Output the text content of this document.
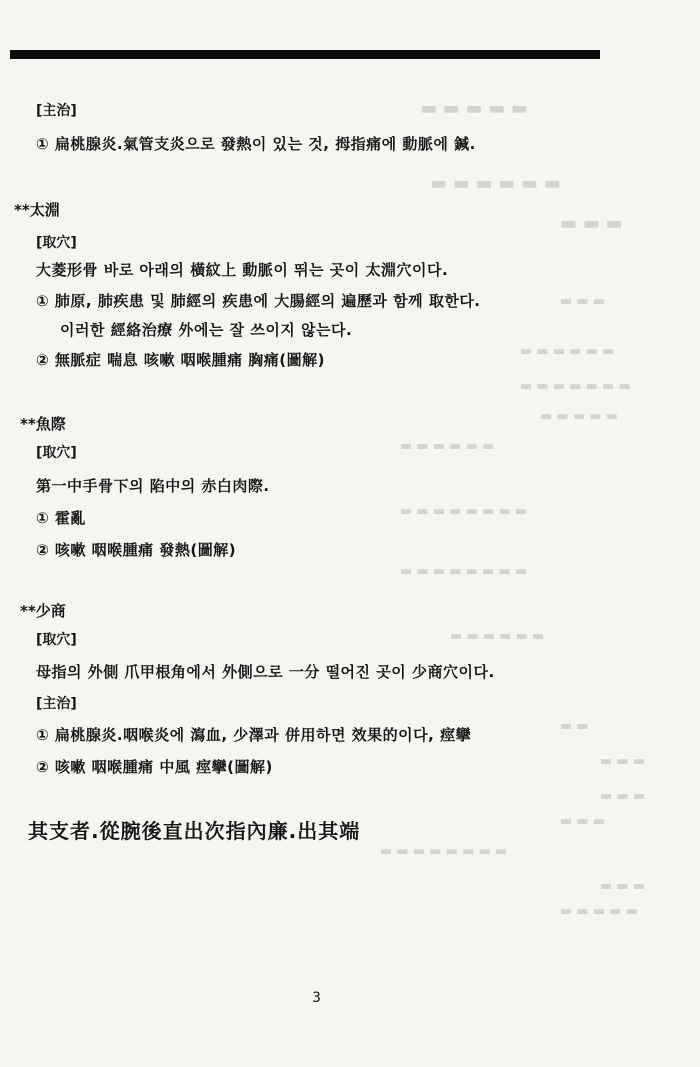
▬ ▬ ▬ ▬ ▬
▬ ▬ ▬ ▬ ▬ ▬
▬ ▬ ▬
▬ ▬ ▬
▬ ▬ ▬ ▬ ▬ ▬
▬ ▬ ▬ ▬ ▬ ▬ ▬
▬ ▬ ▬ ▬ ▬
▬ ▬ ▬ ▬ ▬ ▬
▬ ▬ ▬ ▬ ▬ ▬ ▬ ▬
▬ ▬ ▬ ▬ ▬ ▬ ▬ ▬
▬ ▬ ▬ ▬ ▬ ▬
▬ ▬
▬ ▬ ▬
▬ ▬ ▬
▬ ▬ ▬
▬ ▬ ▬ ▬ ▬ ▬ ▬ ▬
▬ ▬ ▬
▬ ▬ ▬ ▬ ▬
[主治]
① 扁桃腺炎.氣管支炎으로 發熱이 있는 것, 拇指痛에 動脈에 鍼.
**太淵
[取穴]
大菱形骨 바로 아래의 橫紋上 動脈이 뛰는 곳이 太淵穴이다.
① 肺原, 肺疾患 및 肺經의 疾患에 大腸經의 遍歷과 함께 取한다.
이러한 經絡治療 外에는 잘 쓰이지 않는다.
② 無脈症 喘息 咳嗽 咽喉腫痛 胸痛(圖解)
**魚際
[取穴]
第一中手骨下의 陷中의 赤白肉際.
① 霍亂
② 咳嗽 咽喉腫痛 發熱(圖解)
**少商
[取穴]
母指의 外側 爪甲根角에서 外側으로 一分 떨어진 곳이 少商穴이다.
[主治]
① 扁桃腺炎.咽喉炎에 瀉血, 少澤과 併用하면 效果的이다, 痙攣
② 咳嗽 咽喉腫痛 中風 痙攣(圖解)
其支者.從腕後直出次指內廉.出其端
3
